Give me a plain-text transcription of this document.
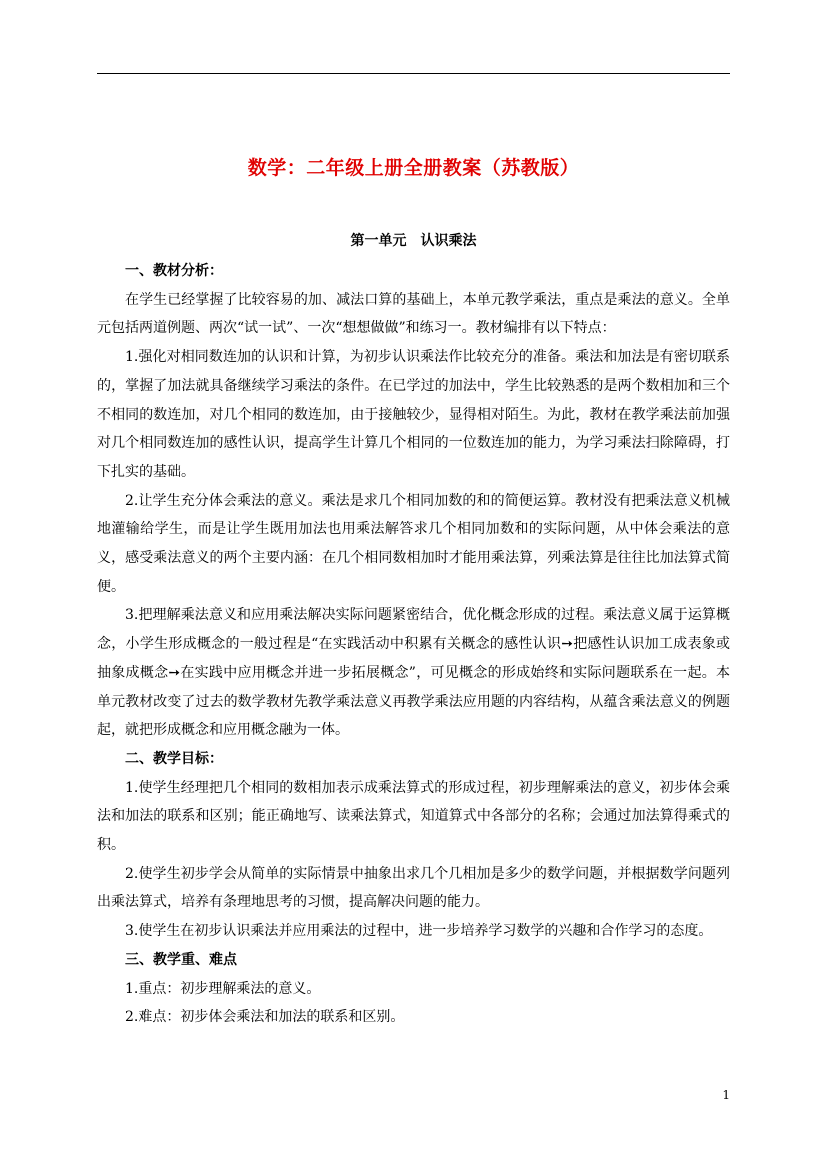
数学：二年级上册全册教案（苏教版）
第一单元　认识乘法

一、教材分析：

在学生已经掌握了比较容易的加、减法口算的基础上，本单元教学乘法，重点是乘法的意义。全单元包括两道例题、两次“试一试”、一次“想想做做”和练习一。教材编排有以下特点：

1.强化对相同数连加的认识和计算，为初步认识乘法作比较充分的准备。乘法和加法是有密切联系的，掌握了加法就具备继续学习乘法的条件。在已学过的加法中，学生比较熟悉的是两个数相加和三个不相同的数连加，对几个相同的数连加，由于接触较少，显得相对陌生。为此，教材在教学乘法前加强对几个相同数连加的感性认识，提高学生计算几个相同的一位数连加的能力，为学习乘法扫除障碍，打下扎实的基础。

2.让学生充分体会乘法的意义。乘法是求几个相同加数的和的简便运算。教材没有把乘法意义机械地灌输给学生，而是让学生既用加法也用乘法解答求几个相同加数和的实际问题，从中体会乘法的意义，感受乘法意义的两个主要内涵：在几个相同数相加时才能用乘法算，列乘法算是往往比加法算式简便。

3.把理解乘法意义和应用乘法解决实际问题紧密结合，优化概念形成的过程。乘法意义属于运算概念，小学生形成概念的一般过程是“在实践活动中积累有关概念的感性认识➙把感性认识加工成表象或抽象成概念➙在实践中应用概念并进一步拓展概念”，可见概念的形成始终和实际问题联系在一起。本单元教材改变了过去的数学教材先教学乘法意义再教学乘法应用题的内容结构，从蕴含乘法意义的例题起，就把形成概念和应用概念融为一体。

二、教学目标：

1.使学生经理把几个相同的数相加表示成乘法算式的形成过程，初步理解乘法的意义，初步体会乘法和加法的联系和区别；能正确地写、读乘法算式，知道算式中各部分的名称；会通过加法算得乘式的积。

2.使学生初步学会从简单的实际情景中抽象出求几个几相加是多少的数学问题，并根据数学问题列出乘法算式，培养有条理地思考的习惯，提高解决问题的能力。

3.使学生在初步认识乘法并应用乘法的过程中，进一步培养学习数学的兴趣和合作学习的态度。

三、教学重、难点

1.重点：初步理解乘法的意义。

2.难点：初步体会乘法和加法的联系和区别。

1
